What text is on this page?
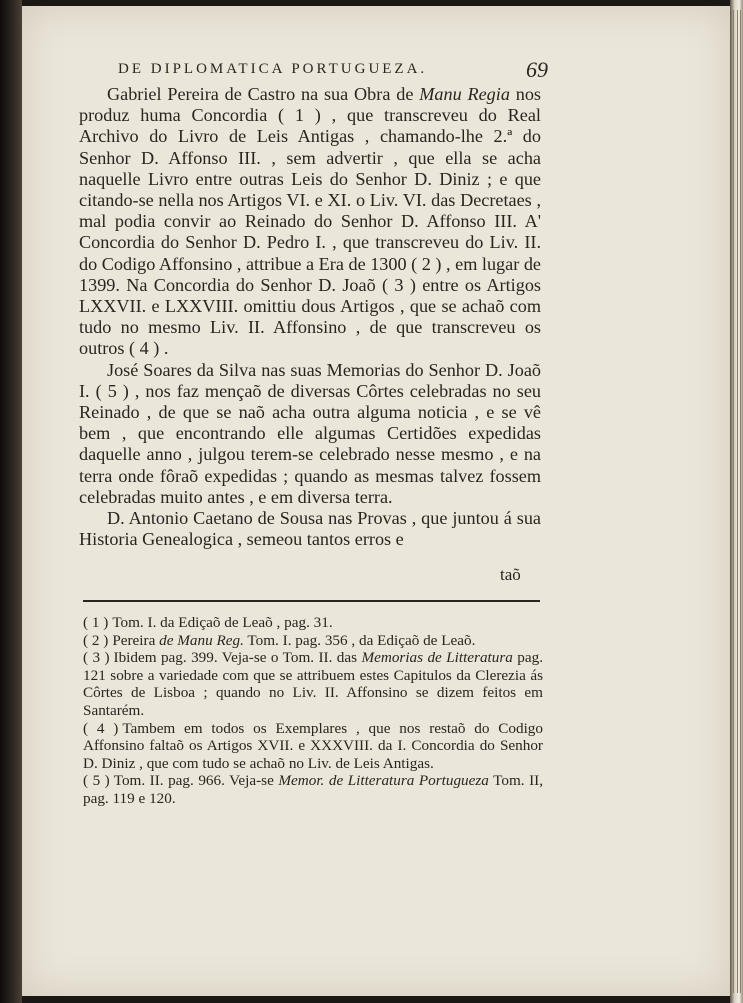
DE DIPLOMATICA PORTUGUEZA.	69

Gabriel Pereira de Castro na sua Obra de Manu Regia nos produz huma Concordia ( 1 ) , que transcreveu do Real Archivo do Livro de Leis Antigas , chamando-lhe 2.ª do Senhor D. Affonso III. , sem advertir , que ella se acha naquelle Livro entre outras Leis do Senhor D. Diniz ; e que citando-se nella nos Artigos VI. e XI. o Liv. VI. das Decretaes , mal podia convir ao Reinado do Senhor D. Affonso III. A' Concordia do Senhor D. Pedro I. , que transcreveu do Liv. II. do Codigo Affonsino , attribue a Era de 1300 ( 2 ) , em lugar de 1399. Na Concordia do Senhor D. Joaõ ( 3 ) entre os Artigos LXXVII. e LXXVIII. omittiu dous Artigos , que se achaõ com tudo no mesmo Liv. II. Affonsino , de que transcreveu os outros ( 4 ) .

José Soares da Silva nas suas Memorias do Senhor D. Joaõ I. ( 5 ) , nos faz mençaõ de diversas Côrtes celebradas no seu Reinado , de que se naõ acha outra alguma noticia , e se vê bem , que encontrando elle algumas Certidões expedidas daquelle anno , julgou terem-se celebrado nesse mesmo , e na terra onde fôraõ expedidas ; quando as mesmas talvez fossem celebradas muito antes , e em diversa terra.

D. Antonio Caetano de Sousa nas Provas , que juntou á sua Historia Genealogica , semeou tantos erros e

taõ

( 1 ) Tom. I. da Ediçaõ de Leaõ , pag. 31.

( 2 ) Pereira de Manu Reg. Tom. I. pag. 356 , da Ediçaõ de Leaõ.

( 3 ) Ibidem pag. 399. Veja-se o Tom. II. das Memorias de Litteratura pag. 121 sobre a variedade com que se attribuem estes Capitulos da Clerezia ás Côrtes de Lisboa ; quando no Liv. II. Affonsino se dizem feitos em Santarém.

( 4 ) Tambem em todos os Exemplares , que nos restaõ do Codigo Affonsino faltaõ os Artigos XVII. e XXXVIII. da I. Concordia do Senhor D. Diniz , que com tudo se achaõ no Liv. de Leis Antigas.

( 5 ) Tom. II. pag. 966. Veja-se Memor. de Litteratura Portugueza Tom. II, pag. 119 e 120.
